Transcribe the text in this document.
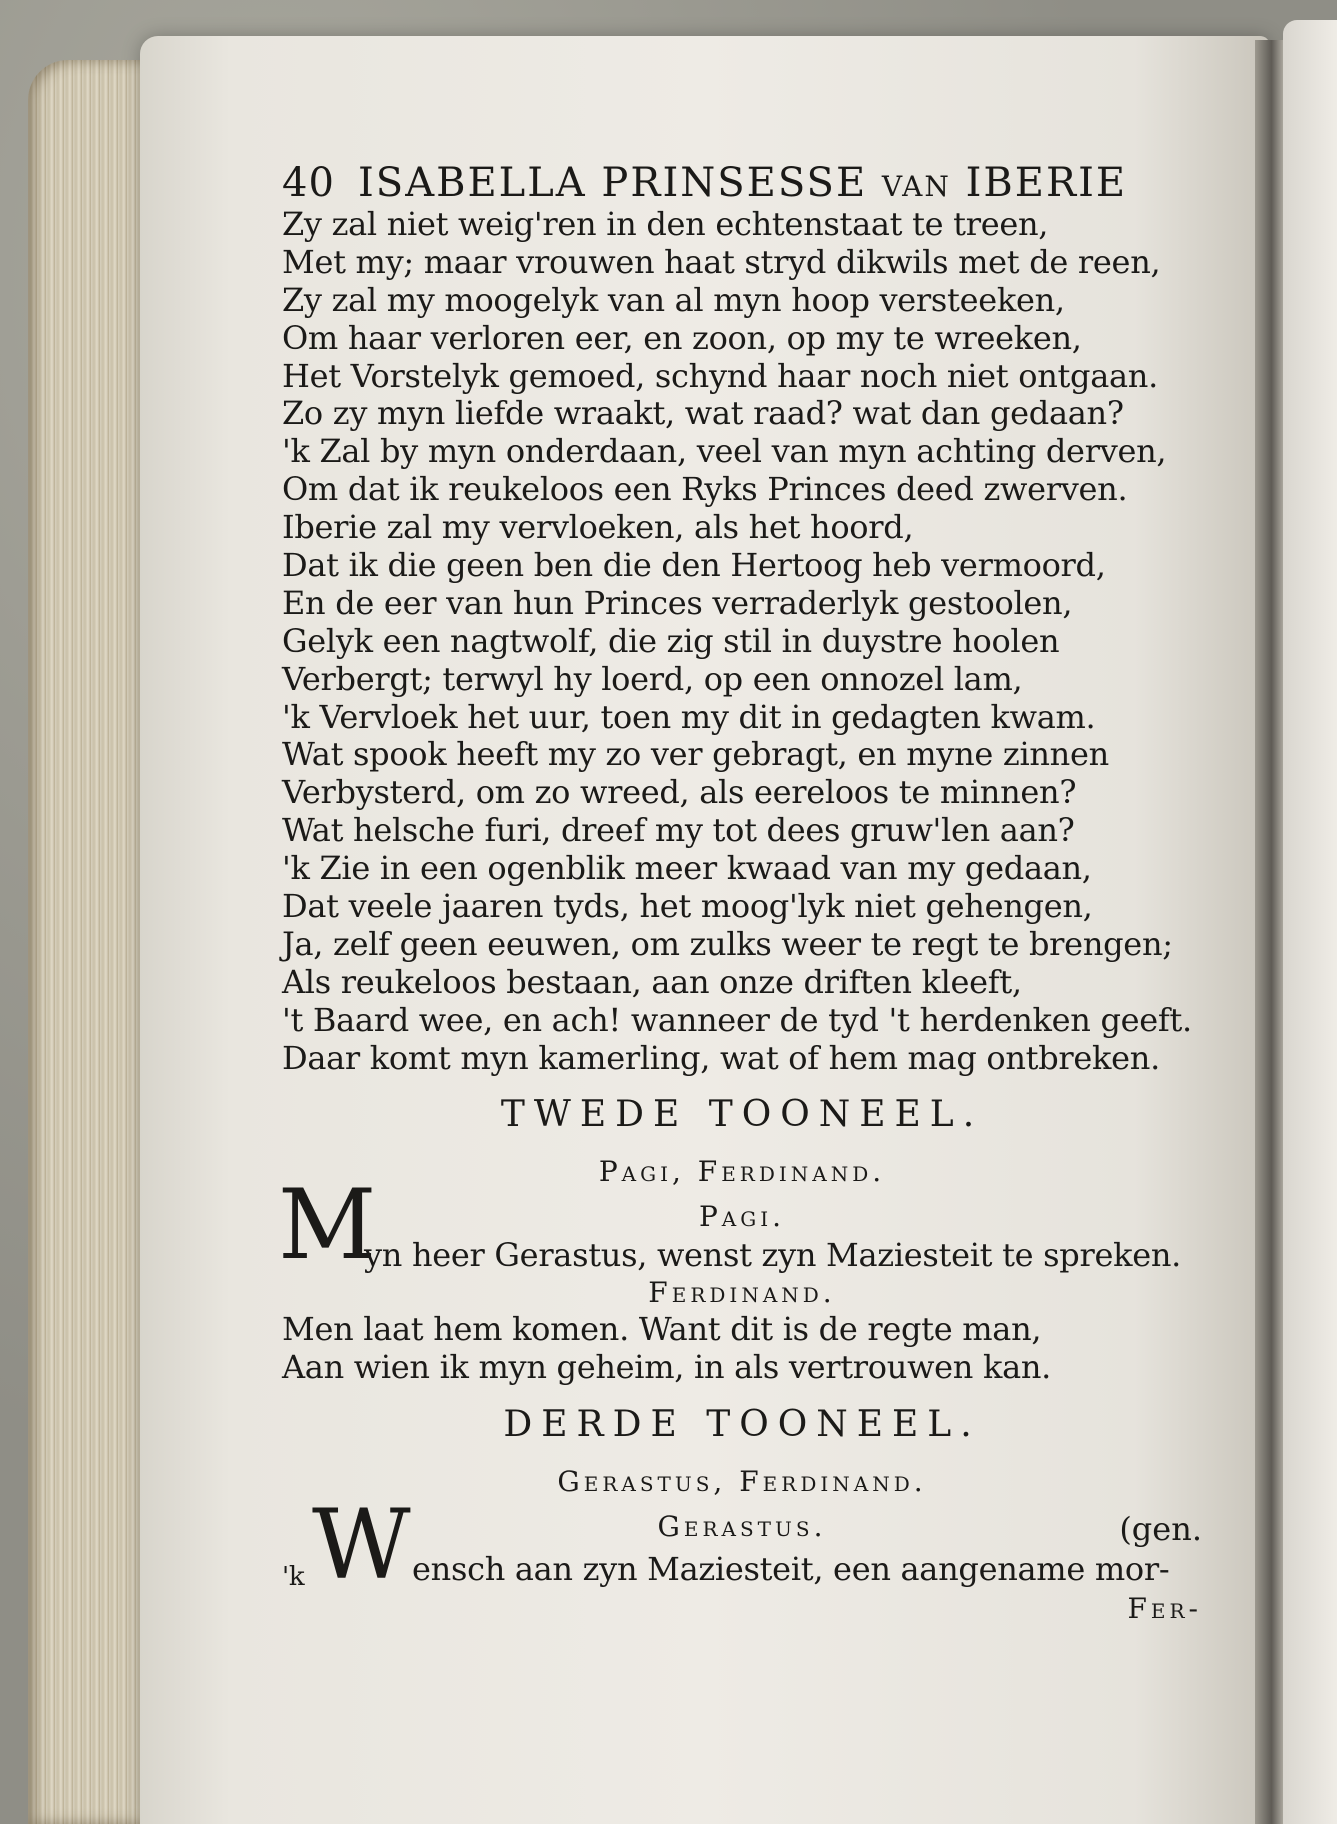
40 ISABELLA PRINSESSE van IBERIE
Zy zal niet weig'ren in den echtenstaat te treen,
Met my; maar vrouwen haat stryd dikwils met de reen,
Zy zal my moogelyk van al myn hoop versteeken,
Om haar verloren eer, en zoon, op my te wreeken,
Het Vorstelyk gemoed, schynd haar noch niet ontgaan.
Zo zy myn liefde wraakt, wat raad? wat dan gedaan?
'k Zal by myn onderdaan, veel van myn achting derven,
Om dat ik reukeloos een Ryks Princes deed zwerven.
Iberie zal my vervloeken, als het hoord,
Dat ik die geen ben die den Hertoog heb vermoord,
En de eer van hun Princes verraderlyk gestoolen,
Gelyk een nagtwolf, die zig stil in duystre hoolen
Verbergt; terwyl hy loerd, op een onnozel lam,
'k Vervloek het uur, toen my dit in gedagten kwam.
Wat spook heeft my zo ver gebragt, en myne zinnen
Verbysterd, om zo wreed, als eereloos te minnen?
Wat helsche furi, dreef my tot dees gruw'len aan?
'k Zie in een ogenblik meer kwaad van my gedaan,
Dat veele jaaren tyds, het moog'lyk niet gehengen,
Ja, zelf geen eeuwen, om zulks weer te regt te brengen;
Als reukeloos bestaan, aan onze driften kleeft,
't Baard wee, en ach! wanneer de tyd 't herdenken geeft.
Daar komt myn kamerling, wat of hem mag ontbreken.
TWEDE TOONEEL.
Pagi, Ferdinand.
Pagi.
M
yn heer Gerastus, wenst zyn Maziesteit te spreken.
Ferdinand.
Men laat hem komen. Want dit is de regte man,
Aan wien ik myn geheim, in als vertrouwen kan.
DERDE TOONEEL.
Gerastus, Ferdinand.
Gerastus.	(gen.
'k W ensch aan zyn Maziesteit, een aangename mor-
Fer-
